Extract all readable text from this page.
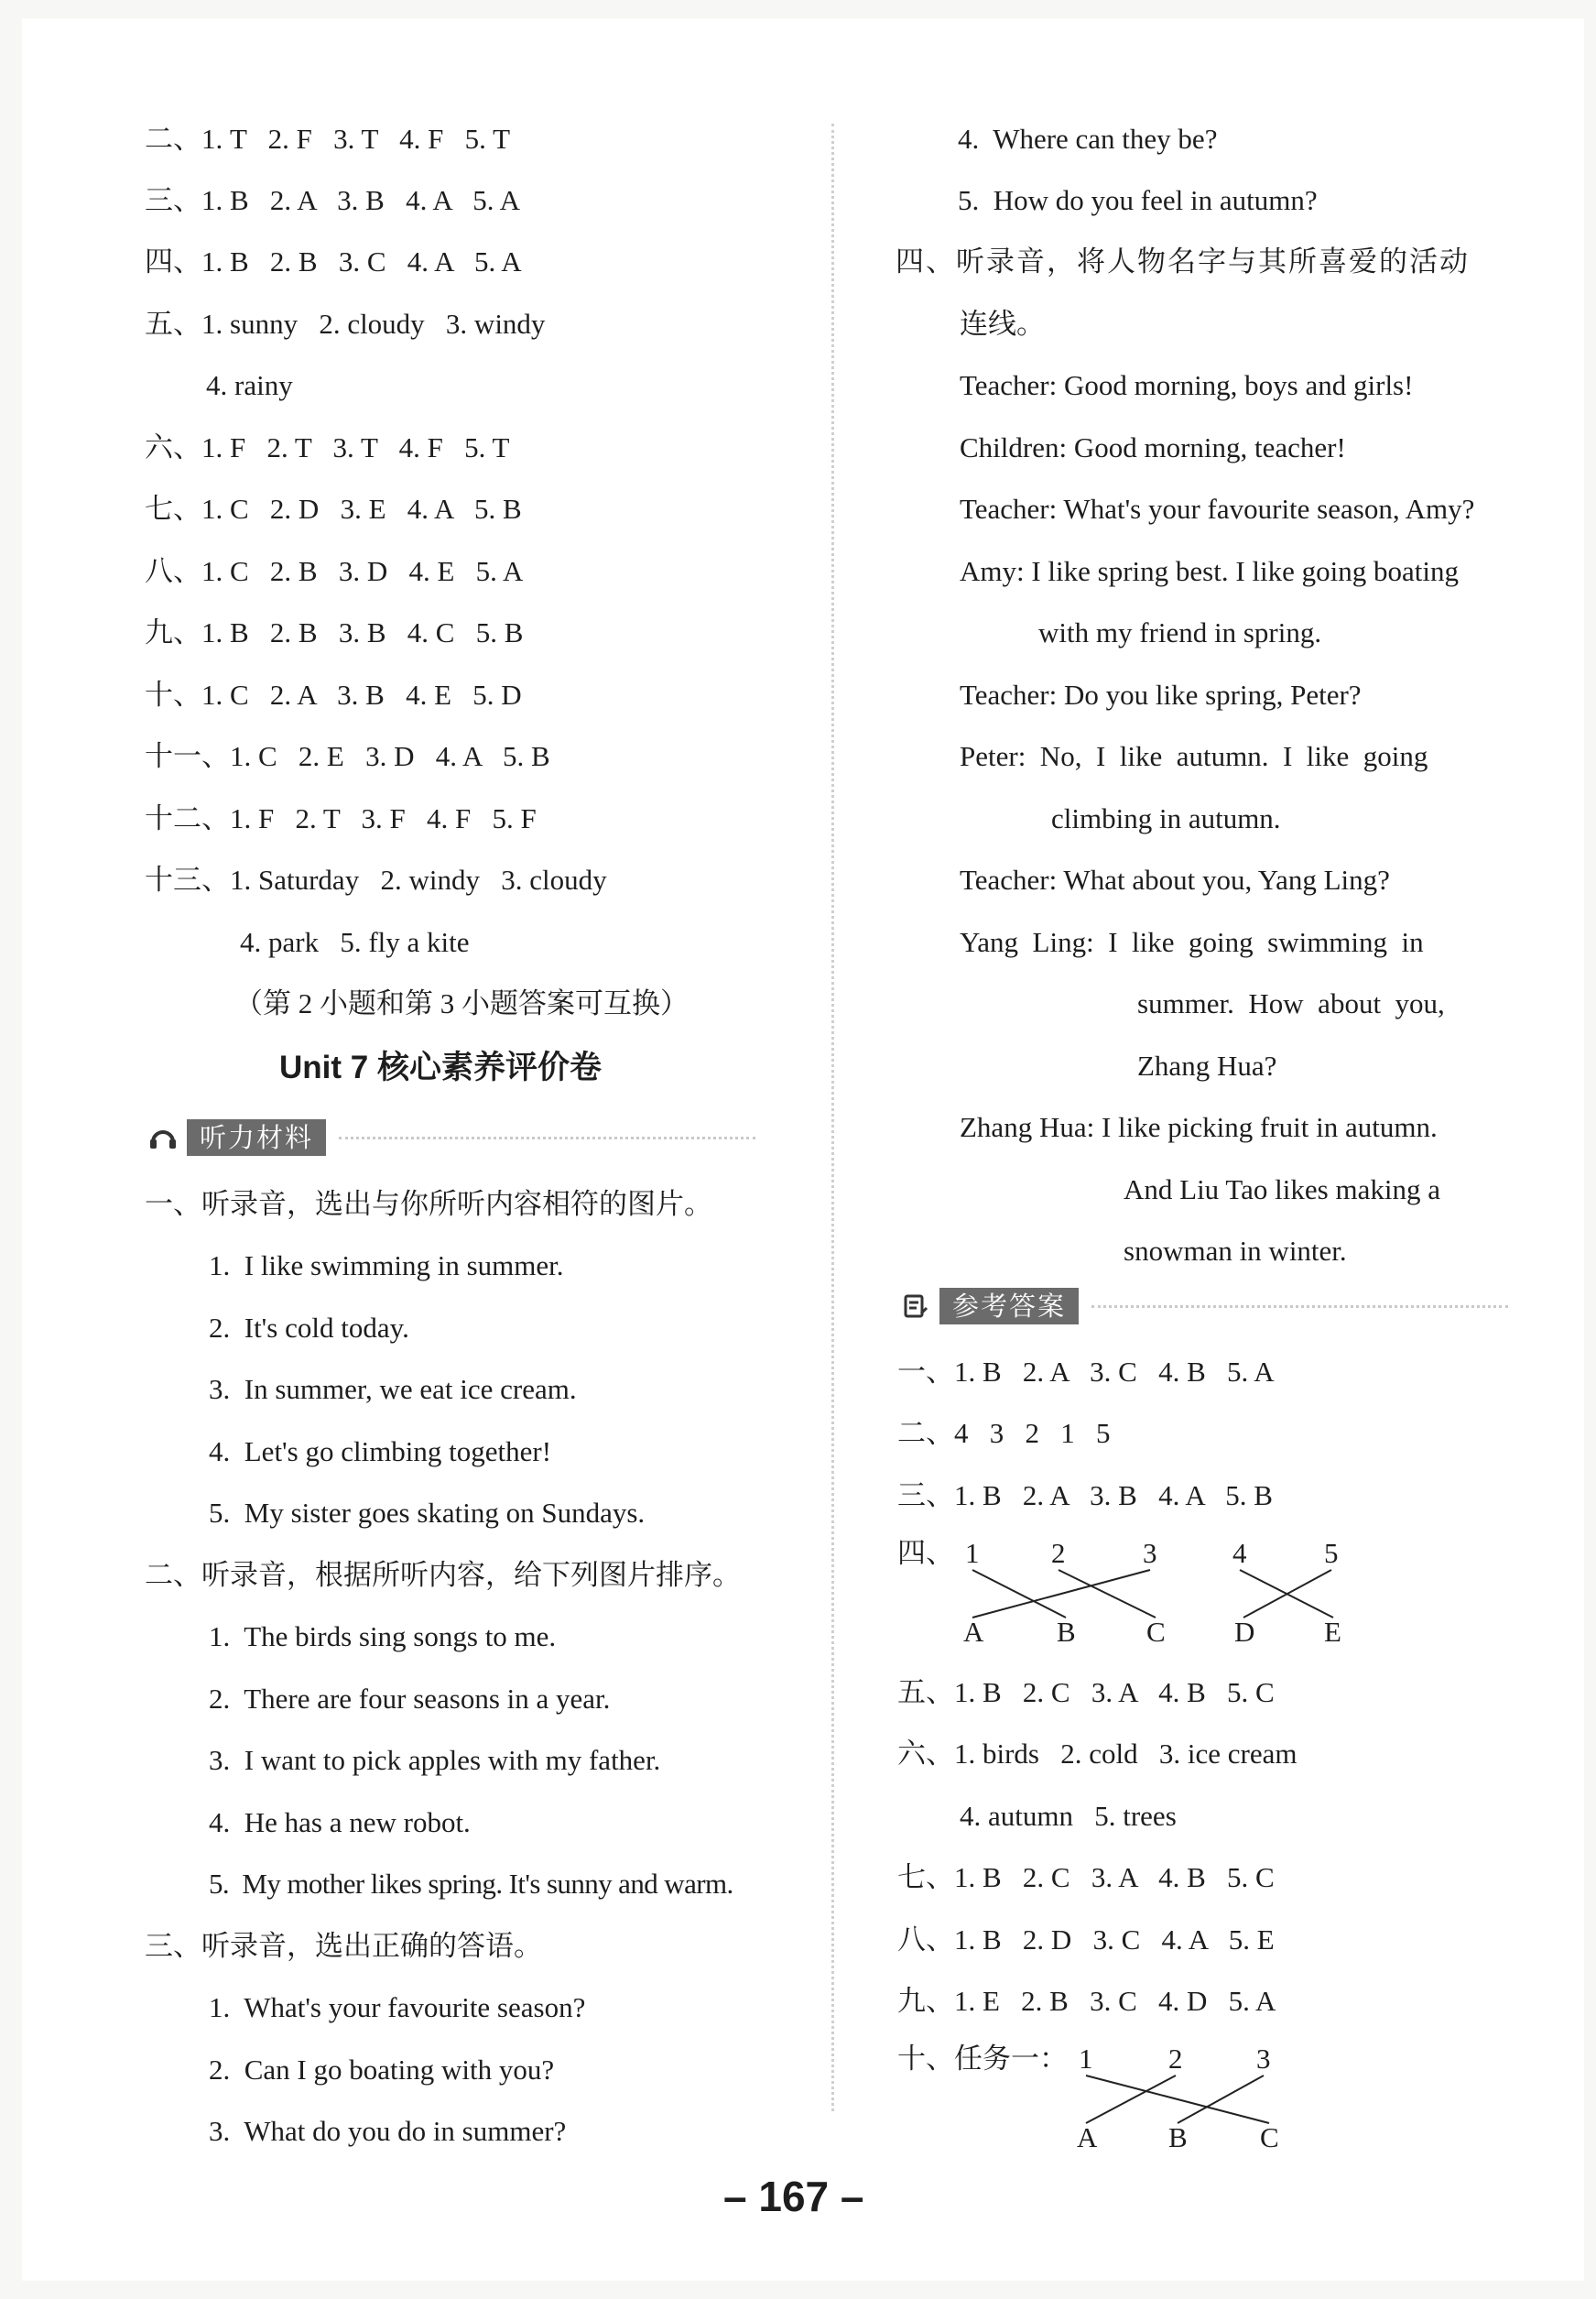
二、1. T   2. F   3. T   4. F   5. T
三、1. B   2. A   3. B   4. A   5. A
四、1. B   2. B   3. C   4. A   5. A
五、1. sunny   2. cloudy   3. windy
4. rainy
六、1. F   2. T   3. T   4. F   5. T
七、1. C   2. D   3. E   4. A   5. B
八、1. C   2. B   3. D   4. E   5. A
九、1. B   2. B   3. B   4. C   5. B
十、1. C   2. A   3. B   4. E   5. D
十一、1. C   2. E   3. D   4. A   5. B
十二、1. F   2. T   3. F   4. F   5. F
十三、1. Saturday   2. windy   3. cloudy
4. park   5. fly a kite
（第 2 小题和第 3 小题答案可互换）
Unit 7 核心素养评价卷
听力材料
一、听录音，选出与你所听内容相符的图片。
1.  I like swimming in summer.
2.  It's cold today.
3.  In summer, we eat ice cream.
4.  Let's go climbing together!
5.  My sister goes skating on Sundays.
二、听录音，根据所听内容，给下列图片排序。
1.  The birds sing songs to me.
2.  There are four seasons in a year.
3.  I want to pick apples with my father.
4.  He has a new robot.
5.  My mother likes spring. It's sunny and warm.
三、听录音，选出正确的答语。
1.  What's your favourite season?
2.  Can I go boating with you?
3.  What do you do in summer?
4.  Where can they be?
5.  How do you feel in autumn?
四、听录音，将人物名字与其所喜爱的活动
连线。
Teacher: Good morning, boys and girls!
Children: Good morning, teacher!
Teacher: What's your favourite season, Amy?
Amy: I like spring best. I like going boating
with my friend in spring.
Teacher: Do you like spring, Peter?
Peter:  No,  I  like  autumn.  I  like  going
climbing in autumn.
Teacher: What about you, Yang Ling?
Yang  Ling:  I  like  going  swimming  in
summer.  How  about  you,
Zhang Hua?
Zhang Hua: I like picking fruit in autumn.
And Liu Tao likes making a
snowman in winter.
参考答案
一、1. B   2. A   3. C   4. B   5. A
二、4   3   2   1   5
三、1. B   2. A   3. B   4. A   5. B
四、 1	2	3	4	5
A	B C D E
五、1. B   2. C   3. A   4. B   5. C
六、1. birds   2. cold   3. ice cream
4. autumn   5. trees
七、1. B   2. C   3. A   4. B   5. C
八、1. B   2. D   3. C   4. A   5. E
九、1. E   2. B   3. C   4. D   5. A
十、任务一： 1	2	3
A	B	C
– 167 –
